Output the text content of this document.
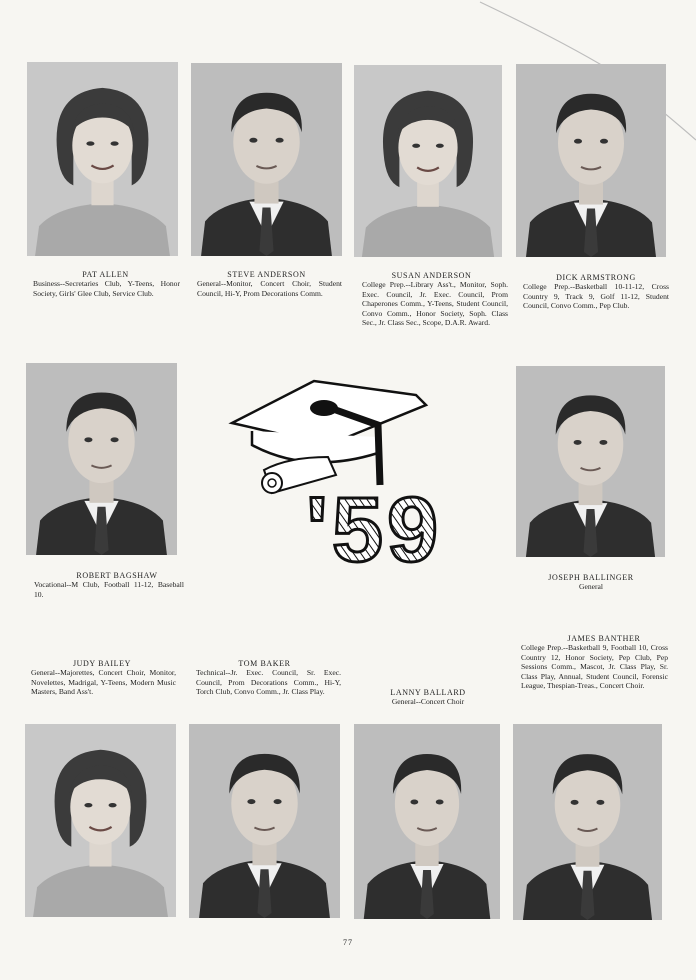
PAT ALLEN
Business--Secretaries Club, Y-Teens, Honor Society, Girls' Glee Club, Service Club.
STEVE ANDERSON
General--Monitor, Concert Choir, Student Council, Hi-Y, Prom Decorations Comm.
SUSAN ANDERSON
College Prep.--Library Ass't., Monitor, Soph. Exec. Council, Jr. Exec. Council, Prom Chaperones Comm., Y-Teens, Student Council, Convo Comm., Honor Society, Soph. Class Sec., Jr. Class Sec., Scope, D.A.R. Award.
DICK ARMSTRONG
College Prep.--Basketball 10-11-12, Cross Country 9, Track 9, Golf 11-12, Student Council, Convo Comm., Pep Club.
ROBERT BAGSHAW
Vocational--M Club, Football 11-12, Baseball 10.
'59	JOSEPH BALLINGER
General
JUDY BAILEY
General--Majorettes, Concert Choir, Monitor, Novelettes, Madrigal, Y-Teens, Modern Music Masters, Band Ass't.
TOM BAKER
Technical--Jr. Exec. Council, Sr. Exec. Council, Prom Decorations Comm., Hi-Y, Torch Club, Convo Comm., Jr. Class Play.	LANNY BALLARD
General--Concert Choir
JAMES BANTHER
College Prep.--Basketball 9, Football 10, Cross Country 12, Honor Society, Pep Club, Pep Sessions Comm., Mascot, Jr. Class Play, Sr. Class Play, Annual, Student Council, Forensic League, Thespian-Treas., Concert Choir.
77
